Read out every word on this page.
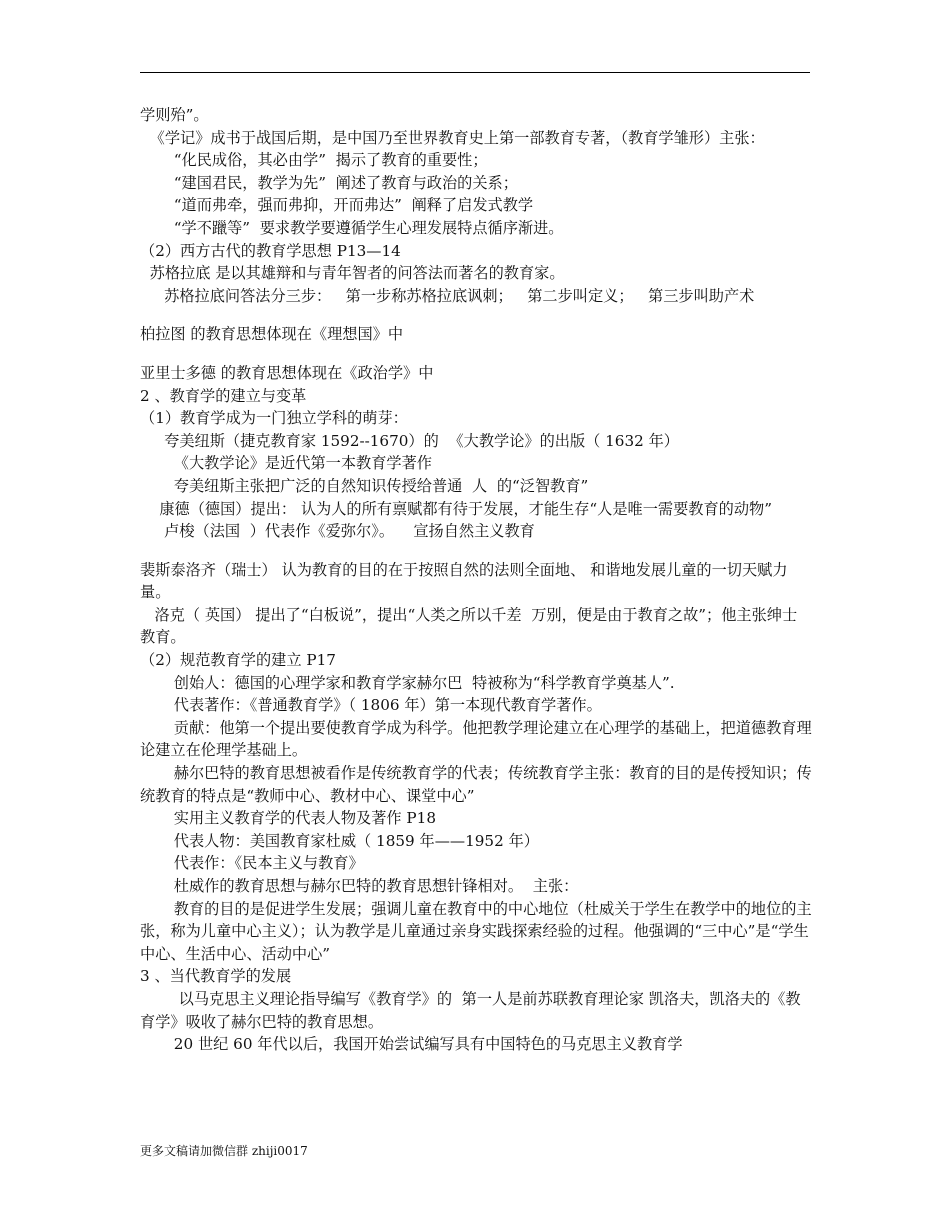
学则殆”。

《学记》成书于战国后期，是中国乃至世界教育史上第一部教育专著，（教育学雏形）主张：

“化民成俗，其必由学”  揭示了教育的重要性；

“建国君民，教学为先”  阐述了教育与政治的关系；

“道而弗牵，强而弗抑，开而弗达”  阐释了启发式教学

“学不躐等”  要求教学要遵循学生心理发展特点循序渐进。

（2）西方古代的教育学思想 P13—14

苏格拉底 是以其雄辩和与青年智者的问答法而著名的教育家。

苏格拉底问答法分三步：   第一步称苏格拉底讽刺；   第二步叫定义；   第三步叫助产术

柏拉图 的教育思想体现在《理想国》中

亚里士多德 的教育思想体现在《政治学》中

2 、教育学的建立与变革

（1）教育学成为一门独立学科的萌芽：

夸美纽斯（捷克教育家 1592--1670）的  《大教学论》的出版（ 1632 年）

《大教学论》是近代第一本教育学著作

夸美纽斯主张把广泛的自然知识传授给普通  人  的“泛智教育”

康德（德国）提出： 认为人的所有禀赋都有待于发展，才能生存“人是唯一需要教育的动物”

卢梭（法国  ）代表作《爱弥尔》。    宣扬自然主义教育

裴斯泰洛齐（瑞士） 认为教育的目的在于按照自然的法则全面地、 和谐地发展儿童的一切天赋力量。

洛克（ 英国） 提出了“白板说”，提出“人类之所以千差  万别，便是由于教育之故”；他主张绅士教育。

（2）规范教育学的建立 P17

创始人：德国的心理学家和教育学家赫尔巴  特被称为“科学教育学奠基人”.

代表著作：《普通教育学》（ 1806 年）第一本现代教育学著作。

贡献：他第一个提出要使教育学成为科学。他把教学理论建立在心理学的基础上，把道德教育理论建立在伦理学基础上。

赫尔巴特的教育思想被看作是传统教育学的代表；传统教育学主张：教育的目的是传授知识；传统教育的特点是“教师中心、教材中心、课堂中心”

实用主义教育学的代表人物及著作 P18

代表人物：美国教育家杜威（ 1859 年——1952 年）

代表作：《民本主义与教育》

杜威作的教育思想与赫尔巴特的教育思想针锋相对。  主张：

教育的目的是促进学生发展；强调儿童在教育中的中心地位（杜威关于学生在教学中的地位的主张，称为儿童中心主义）；认为教学是儿童通过亲身实践探索经验的过程。他强调的“三中心”是“学生中心、生活中心、活动中心”

3 、当代教育学的发展

以马克思主义理论指导编写《教育学》的  第一人是前苏联教育理论家 凯洛夫，凯洛夫的《教育学》吸收了赫尔巴特的教育思想。

20 世纪 60 年代以后，我国开始尝试编写具有中国特色的马克思主义教育学

更多文稿请加微信群 zhiji0017
